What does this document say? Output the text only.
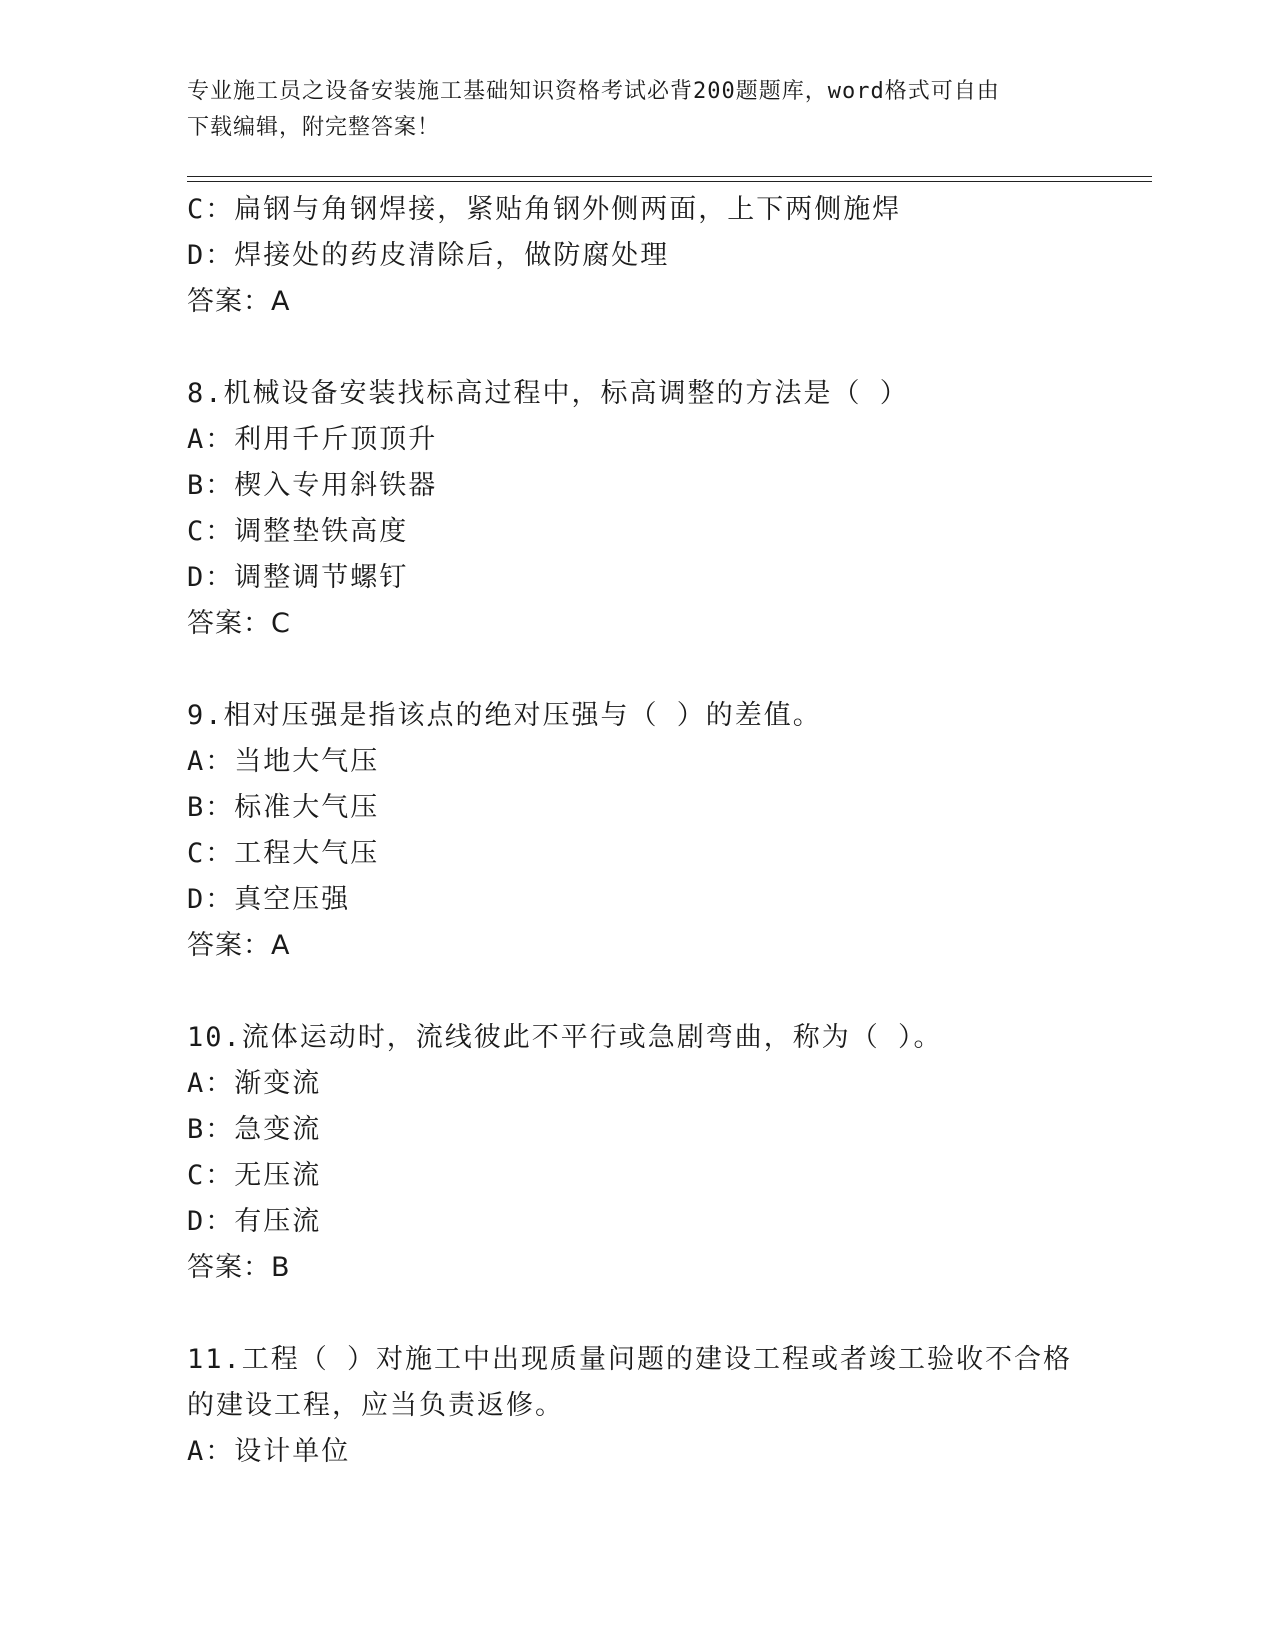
专业施工员之设备安装施工基础知识资格考试必背200题题库，word格式可自由
下载编辑，附完整答案！
C：扁钢与角钢焊接，紧贴角钢外侧两面，上下两侧施焊
D：焊接处的药皮清除后，做防腐处理
答案：A
8.机械设备安装找标高过程中，标高调整的方法是（ ）
A：利用千斤顶顶升
B：楔入专用斜铁器
C：调整垫铁高度
D：调整调节螺钉
答案：C
9.相对压强是指该点的绝对压强与（ ）的差值。
A：当地大气压
B：标准大气压
C：工程大气压
D：真空压强
答案：A
10.流体运动时，流线彼此不平行或急剧弯曲，称为（ ）。
A：渐变流
B：急变流
C：无压流
D：有压流
答案：B
11.工程（ ）对施工中出现质量问题的建设工程或者竣工验收不合格
的建设工程，应当负责返修。
A：设计单位
